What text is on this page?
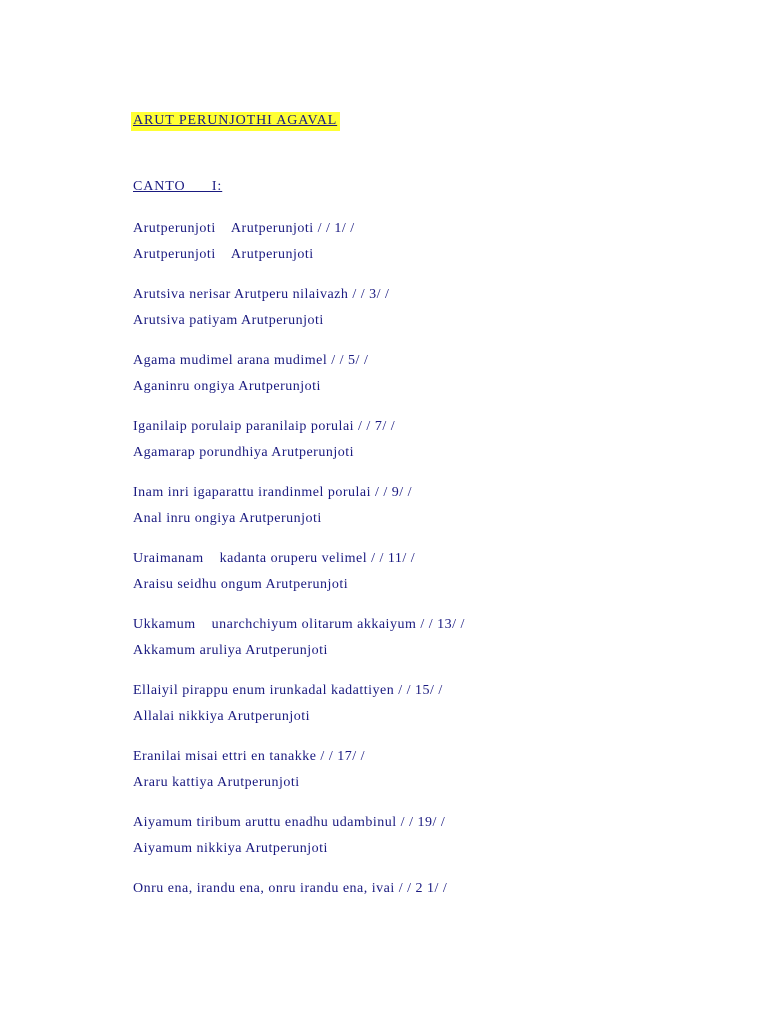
ARUT PERUNJOTHI AGAVAL
CANTO      I:
Arutperunjoti    Arutperunjoti / / 1/ /
Arutperunjoti    Arutperunjoti
Arutsiva nerisar Arutperu nilaivazh / / 3/ /
Arutsiva patiyam Arutperunjoti
Agama mudimel arana mudimel / / 5/ /
Aganinru ongiya Arutperunjoti
Iganilaip porulaip paranilaip porulai / / 7/ /
Agamarap porundhiya Arutperunjoti
Inam inri igaparattu irandinmel porulai / / 9/ /
Anal inru ongiya Arutperunjoti
Uraimanam    kadanta oruperu velimel / / 11/ /
Araisu seidhu ongum Arutperunjoti
Ukkamum    unarchchiyum olitarum akkaiyum / / 13/ /
Akkamum aruliya Arutperunjoti
Ellaiyil pirappu enum irunkadal kadattiyen / / 15/ /
Allalai nikkiya Arutperunjoti
Eranilai misai ettri en tanakke / / 17/ /
Araru kattiya Arutperunjoti
Aiyamum tiribum aruttu enadhu udambinul / / 19/ /
Aiyamum nikkiya Arutperunjoti
Onru ena, irandu ena, onru irandu ena, ivai / / 2 1/ /
